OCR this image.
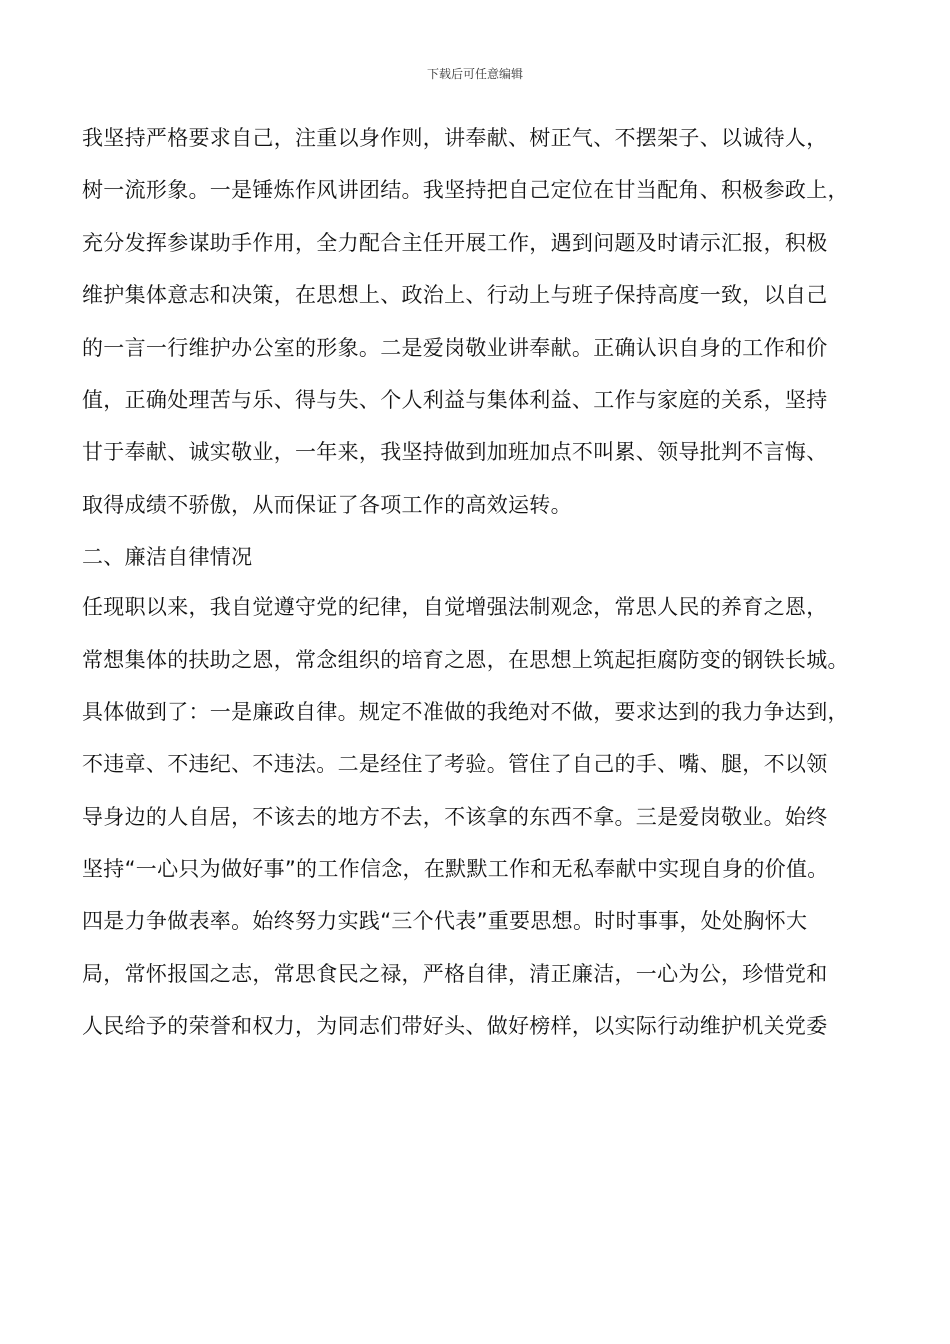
下载后可任意编辑
我坚持严格要求自己，注重以身作则，讲奉献、树正气、不摆架子、以诚待人，
树一流形象。一是锤炼作风讲团结。我坚持把自己定位在甘当配角、积极参政上，
充分发挥参谋助手作用，全力配合主任开展工作，遇到问题及时请示汇报，积极
维护集体意志和决策，在思想上、政治上、行动上与班子保持高度一致，以自己
的一言一行维护办公室的形象。二是爱岗敬业讲奉献。正确认识自身的工作和价
值，正确处理苦与乐、得与失、个人利益与集体利益、工作与家庭的关系，坚持
甘于奉献、诚实敬业，一年来，我坚持做到加班加点不叫累、领导批判不言悔、
取得成绩不骄傲，从而保证了各项工作的高效运转。
二、廉洁自律情况
任现职以来，我自觉遵守党的纪律，自觉增强法制观念，常思人民的养育之恩，
常想集体的扶助之恩，常念组织的培育之恩，在思想上筑起拒腐防变的钢铁长城。
具体做到了：一是廉政自律。规定不准做的我绝对不做，要求达到的我力争达到，
不违章、不违纪、不违法。二是经住了考验。管住了自己的手、嘴、腿，不以领
导身边的人自居，不该去的地方不去，不该拿的东西不拿。三是爱岗敬业。始终
坚持“一心只为做好事”的工作信念，在默默工作和无私奉献中实现自身的价值。
四是力争做表率。始终努力实践“三个代表”重要思想。时时事事，处处胸怀大
局，常怀报国之志，常思食民之禄，严格自律，清正廉洁，一心为公，珍惜党和
人民给予的荣誉和权力，为同志们带好头、做好榜样，以实际行动维护机关党委
